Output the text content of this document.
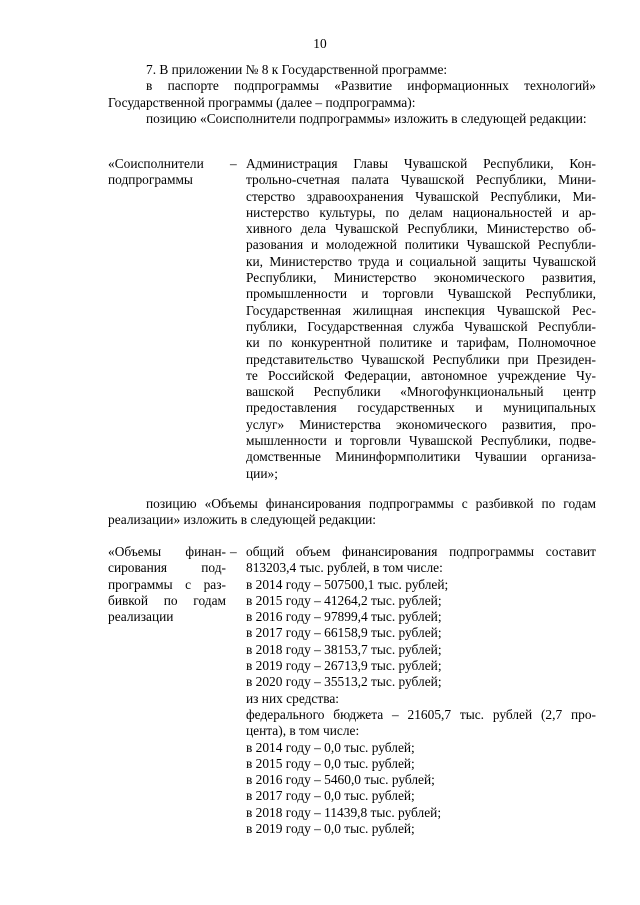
10

7. В приложении № 8 к Государственной программе:

в паспорте подпрограммы «Развитие информационных технологий» Государственной программы (далее – подпрограмма):

позицию «Соисполнители подпрограммы» изложить в следующей редакции:

«Соисполнители
подпрограммы
– Администрация Главы Чувашской Республики, Кон-
трольно-счетная палата Чувашской Республики, Мини-
стерство здравоохранения Чувашской Республики, Ми-
нистерство культуры, по делам национальностей и ар-
хивного дела Чувашской Республики, Министерство об-
разования и молодежной политики Чувашской Республи-
ки, Министерство труда и социальной защиты Чувашской
Республики, Министерство экономического развития,
промышленности и торговли Чувашской Республики,
Государственная жилищная инспекция Чувашской Рес-
публики, Государственная служба Чувашской Республи-
ки по конкурентной политике и тарифам, Полномочное
представительство Чувашской Республики при Президен-
те Российской Федерации, автономное учреждение Чу-
вашской Республики «Многофункциональный центр
предоставления государственных и муниципальных
услуг» Министерства экономического развития, про-
мышленности и торговли Чувашской Республики, подве-
домственные Мининформполитики Чувашии организа-
ции»;

позицию «Объемы финансирования подпрограммы с разбивкой по годам реализации» изложить в следующей редакции:

«Объемы финан-
сирования под-
программы с раз-
бивкой по годам
реализации
– общий объем финансирования подпрограммы составит
813203,4 тыс. рублей, в том числе:
в 2014 году – 507500,1 тыс. рублей;
в 2015 году – 41264,2 тыс. рублей;
в 2016 году – 97899,4 тыс. рублей;
в 2017 году – 66158,9 тыс. рублей;
в 2018 году – 38153,7 тыс. рублей;
в 2019 году – 26713,9 тыс. рублей;
в 2020 году – 35513,2 тыс. рублей;
из них средства:
федерального бюджета – 21605,7 тыс. рублей (2,7 про-
цента), в том числе:
в 2014 году – 0,0 тыс. рублей;
в 2015 году – 0,0 тыс. рублей;
в 2016 году – 5460,0 тыс. рублей;
в 2017 году – 0,0 тыс. рублей;
в 2018 году – 11439,8 тыс. рублей;
в 2019 году – 0,0 тыс. рублей;
